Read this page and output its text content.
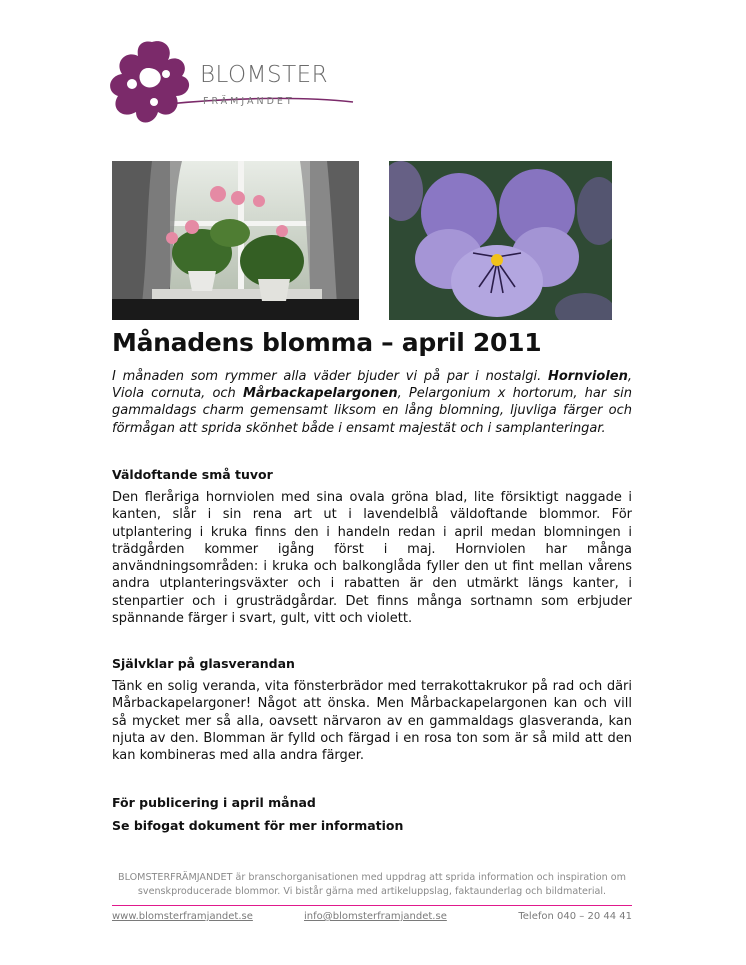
BLOMSTER
FRÄMJANDET
Månadens blomma – april 2011
I månaden som rymmer alla väder bjuder vi på par i nostalgi. Hornviolen, Viola cornuta, och Mårbackapelargonen, Pelargonium x hortorum, har sin gammaldags charm gemensamt liksom en lång blomning, ljuvliga färger och förmågan att sprida skönhet både i ensamt majestät och i samplanteringar.
Väldoftande små tuvor
Den fleråriga hornviolen med sina ovala gröna blad, lite försiktigt naggade i kanten, slår i sin rena art ut i lavendelblå väldoftande blommor. För utplantering i kruka finns den i handeln redan i april medan blomningen i trädgården kommer igång först i maj. Hornviolen har många användningsområden: i kruka och balkonglåda fyller den ut fint mellan vårens andra utplanteringsväxter och i rabatten är den utmärkt längs kanter, i stenpartier och i grusträdgårdar. Det finns många sortnamn som erbjuder spännande färger i svart, gult, vitt och violett.
Självklar på glasverandan
Tänk en solig veranda, vita fönsterbrädor med terrakottakrukor på rad och däri Mårbackapelargoner! Något att önska. Men Mårbackapelargonen kan och vill så mycket mer så alla, oavsett närvaron av en gammaldags glasveranda, kan njuta av den. Blomman är fylld och färgad i en rosa ton som är så mild att den kan kombineras med alla andra färger.
För publicering i april månad
Se bifogat dokument för mer information
BLOMSTERFRÄMJANDET är branschorganisationen med uppdrag att sprida information och inspiration om svenskproducerade blommor. Vi bistår gärna med artikeluppslag, faktaunderlag och bildmaterial.
www.blomsterframjandet.se	info@blomsterframjandet.se	Telefon 040 – 20 44 41
